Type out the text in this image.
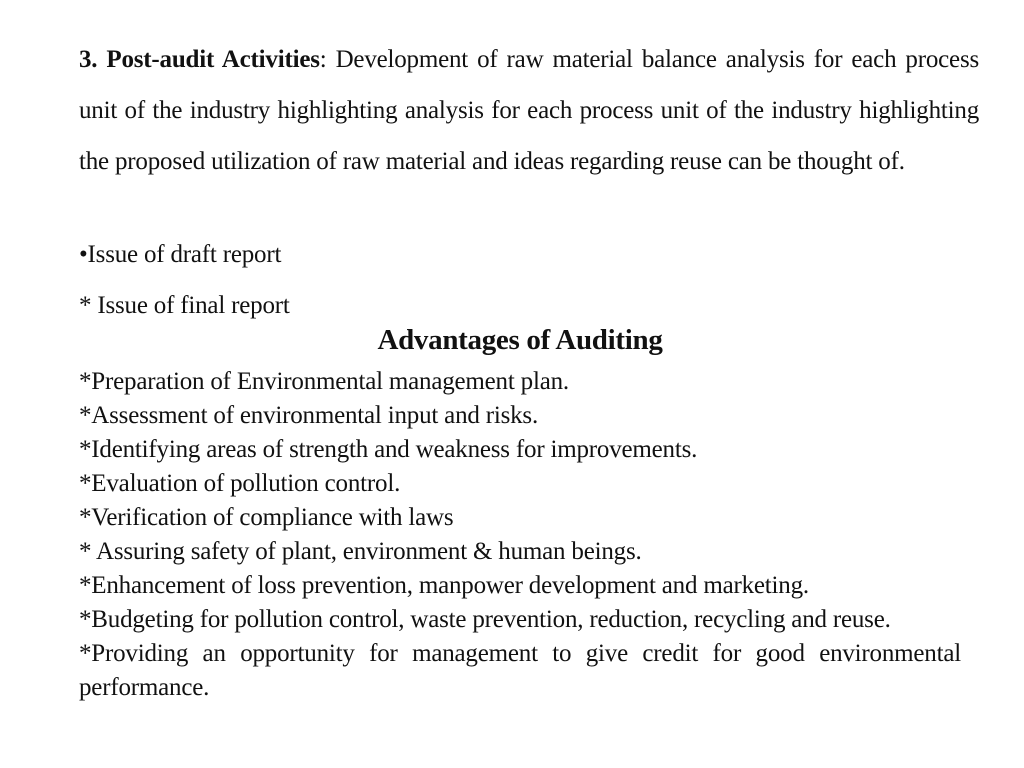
3. Post-audit Activities: Development of raw material balance analysis for each process unit of the industry highlighting analysis for each process unit of the industry highlighting the proposed utilization of raw material and ideas regarding reuse can be thought of.

•Issue of draft report
* Issue of final report
Advantages of Auditing
*Preparation of Environmental management plan.
*Assessment of environmental input and risks.
*Identifying areas of strength and weakness for improvements.
*Evaluation of pollution control.
*Verification of compliance with laws
* Assuring safety of plant, environment & human beings.
*Enhancement of loss prevention, manpower development and marketing.
*Budgeting for pollution control, waste prevention, reduction, recycling and reuse.
*Providing an opportunity for management to give credit for good environmental performance.
